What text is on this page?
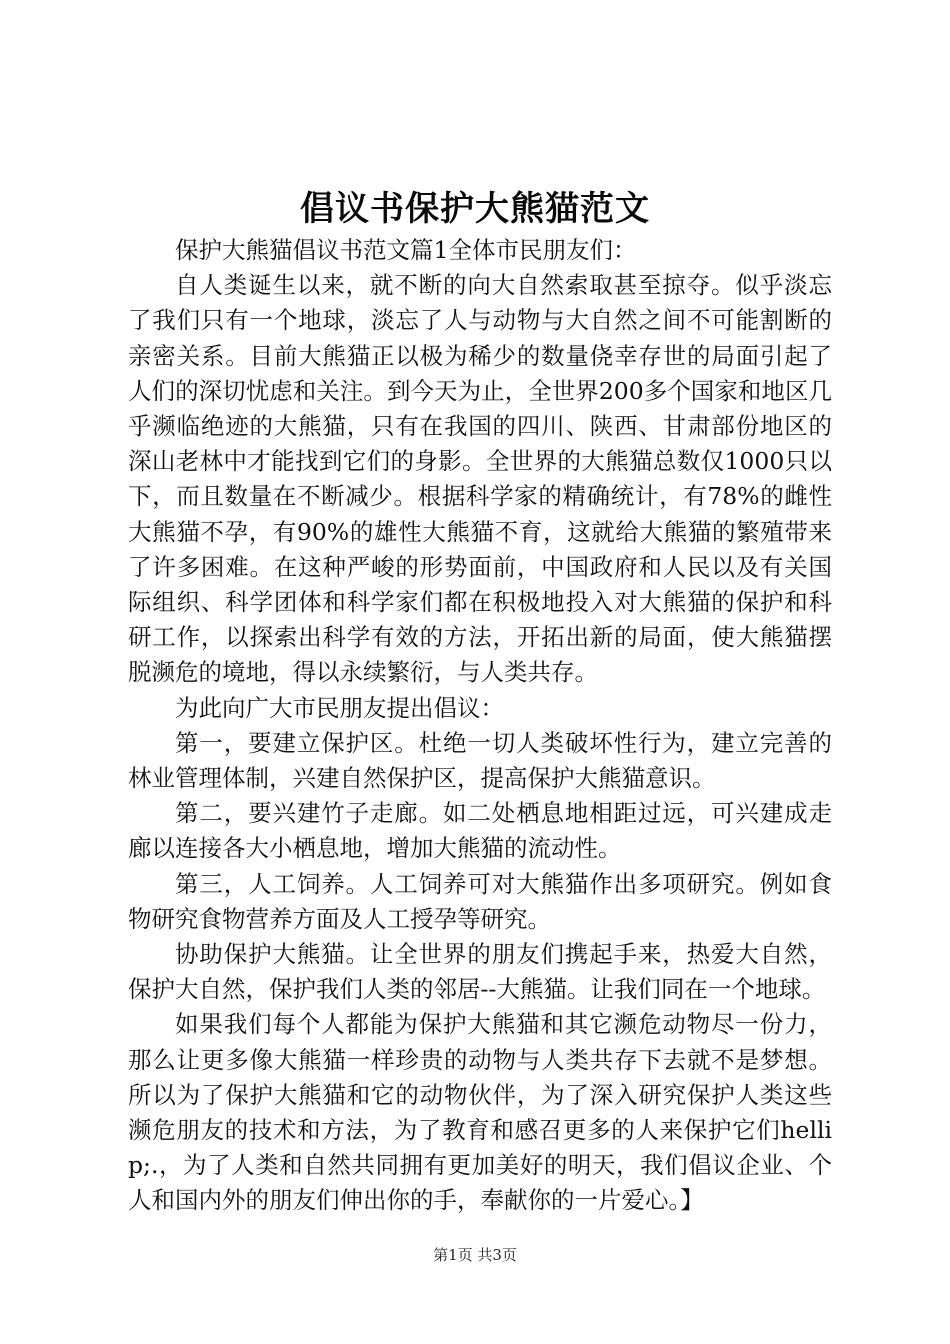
倡议书保护大熊猫范文

保护大熊猫倡议书范文篇1全体市民朋友们：

自人类诞生以来，就不断的向大自然索取甚至掠夺。似乎淡忘了我们只有一个地球，淡忘了人与动物与大自然之间不可能割断的亲密关系。目前大熊猫正以极为稀少的数量侥幸存世的局面引起了人们的深切忧虑和关注。到今天为止，全世界200多个国家和地区几乎濒临绝迹的大熊猫，只有在我国的四川、陕西、甘肃部份地区的深山老林中才能找到它们的身影。全世界的大熊猫总数仅1000只以下，而且数量在不断减少。根据科学家的精确统计，有78%的雌性大熊猫不孕，有90%的雄性大熊猫不育，这就给大熊猫的繁殖带来了许多困难。在这种严峻的形势面前，中国政府和人民以及有关国际组织、科学团体和科学家们都在积极地投入对大熊猫的保护和科研工作，以探索出科学有效的方法，开拓出新的局面，使大熊猫摆脱濒危的境地，得以永续繁衍，与人类共存。

为此向广大市民朋友提出倡议：

第一，要建立保护区。杜绝一切人类破坏性行为，建立完善的林业管理体制，兴建自然保护区，提高保护大熊猫意识。

第二，要兴建竹子走廊。如二处栖息地相距过远，可兴建成走廊以连接各大小栖息地，增加大熊猫的流动性。

第三，人工饲养。人工饲养可对大熊猫作出多项研究。例如食物研究食物营养方面及人工授孕等研究。

协助保护大熊猫。让全世界的朋友们携起手来，热爱大自然，保护大自然，保护我们人类的邻居--大熊猫。让我们同在一个地球。

如果我们每个人都能为保护大熊猫和其它濒危动物尽一份力，那么让更多像大熊猫一样珍贵的动物与人类共存下去就不是梦想。所以为了保护大熊猫和它的动物伙伴，为了深入研究保护人类这些濒危朋友的技术和方法，为了教育和感召更多的人来保护它们hellip;.，为了人类和自然共同拥有更加美好的明天，我们倡议企业、个人和国内外的朋友们伸出你的手，奉献你的一片爱心。】

第1页 共3页
